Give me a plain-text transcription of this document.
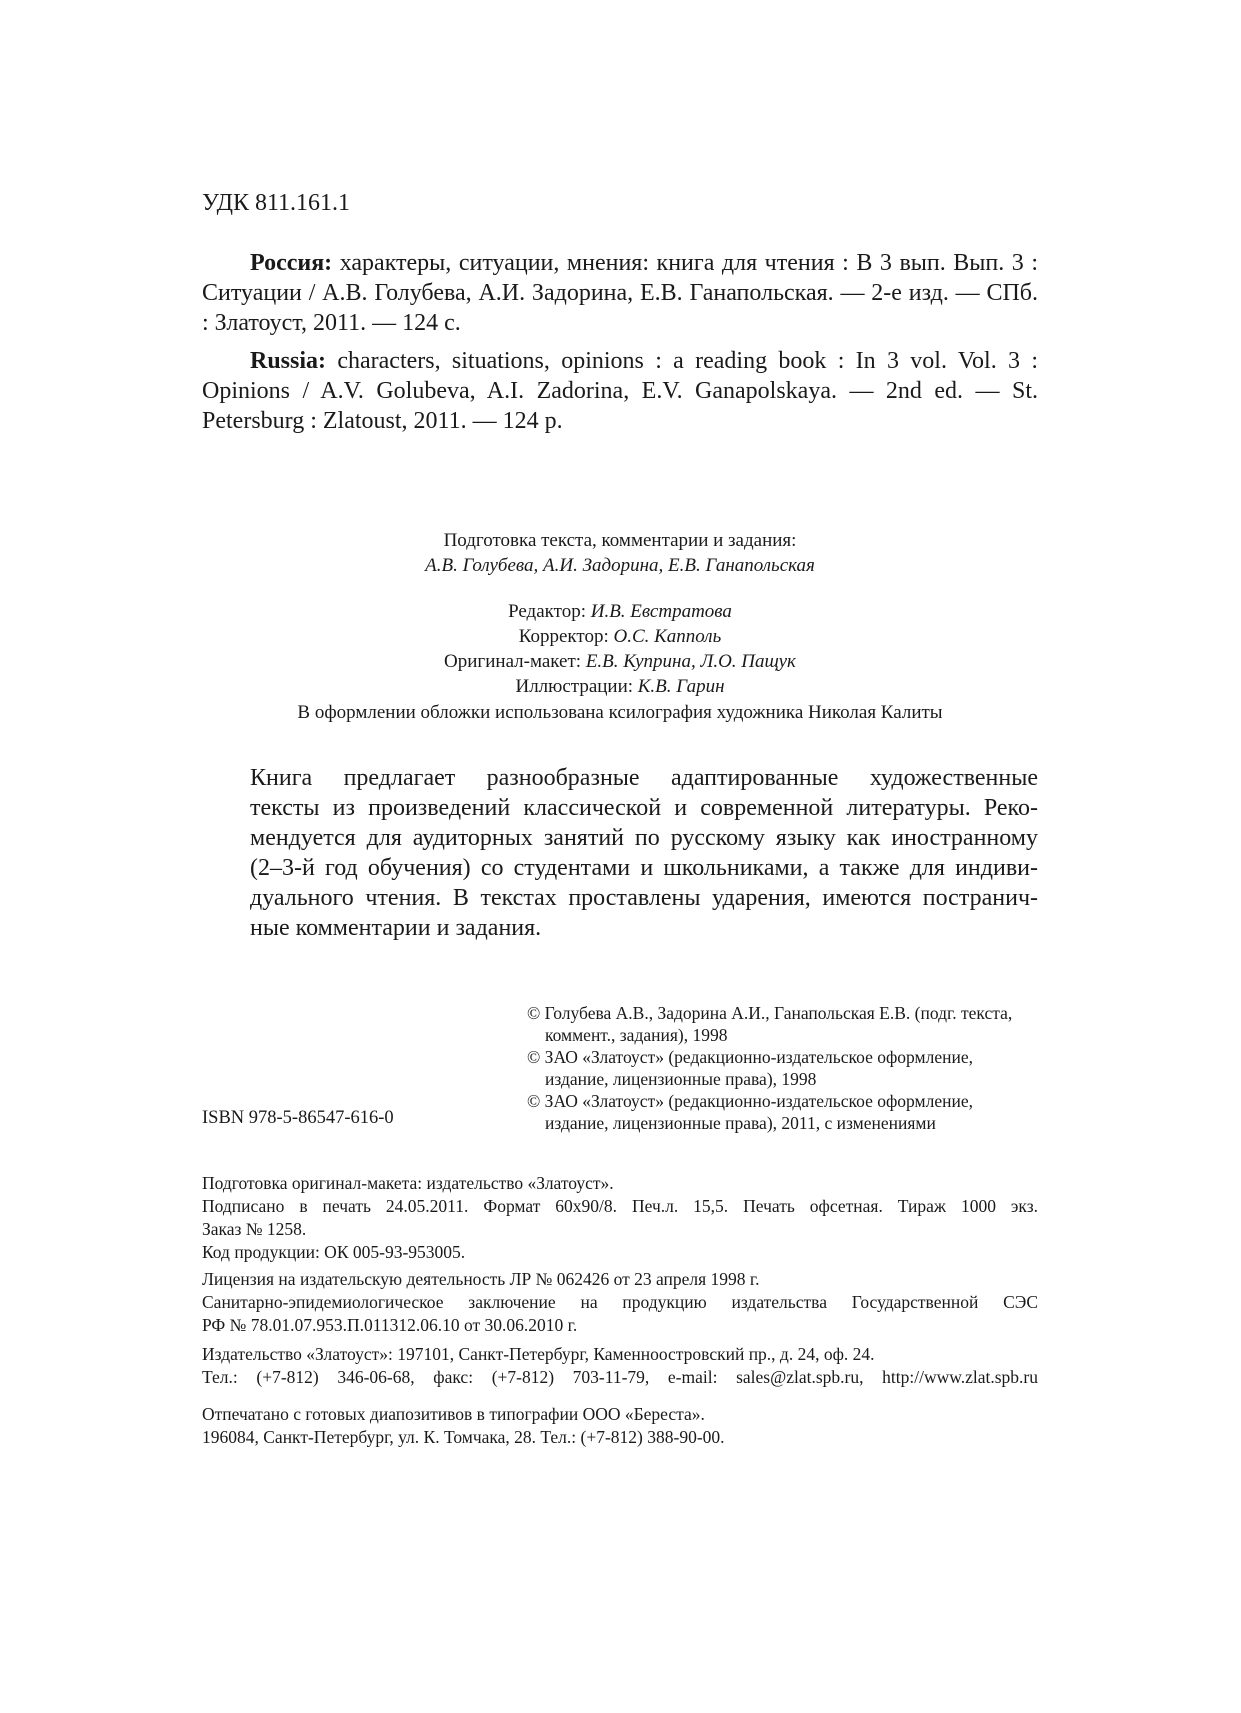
УДК 811.161.1
Россия: характеры, ситуации, мнения: книга для чтения : В 3 вып. Вып. 3 : Ситуации / А.В. Голубева, А.И. Задорина, Е.В. Ганапольская. — 2-е изд. — СПб. : Златоуст, 2011. — 124 с.
Russia: characters, situations, opinions : a reading book : In 3 vol. Vol. 3 : Opinions / A.V. Golubeva, A.I. Zadorina, E.V. Ganapolskaya. — 2nd ed. — St. Petersburg : Zlatoust, 2011. — 124 p.
Подготовка текста, комментарии и задания:
А.В. Голубева, А.И. Задорина, Е.В. Ганапольская
Редактор: И.В. Евстратова
Корректор: О.С. Капполь
Оригинал-макет: Е.В. Куприна, Л.О. Пащук
Иллюстрации: К.В. Гарин
В оформлении обложки использована ксилография художника Николая Калиты
Книга предлагает разнообразные адаптированные художественные
тексты из произведений классической и современной литературы. Реко-
мендуется для аудиторных занятий по русскому языку как иностранному
(2–3-й год обучения) со студентами и школьниками, а также для индиви-
дуального чтения. В текстах проставлены ударения, имеются постранич-
ные комментарии и задания.
© Голубева А.В., Задорина А.И., Ганапольская Е.В. (подг. текста, коммент., задания), 1998
© ЗАО «Златоуст» (редакционно-издательское оформление, издание, лицензионные права), 1998
© ЗАО «Златоуст» (редакционно-издательское оформление, издание, лицензионные права), 2011, с изменениями
ISBN 978-5-86547-616-0
Подготовка оригинал-макета: издательство «Златоуст».
Подписано в печать 24.05.2011. Формат 60x90/8. Печ.л. 15,5. Печать офсетная. Тираж 1000 экз.
Заказ № 1258.
Код продукции: ОК 005-93-953005.
Лицензия на издательскую деятельность ЛР № 062426 от 23 апреля 1998 г.
Санитарно-эпидемиологическое заключение на продукцию издательства Государственной СЭС
РФ № 78.01.07.953.П.011312.06.10 от 30.06.2010 г.
Издательство «Златоуст»: 197101, Санкт-Петербург, Каменноостровский пр., д. 24, оф. 24.
Тел.: (+7-812) 346-06-68, факс: (+7-812) 703-11-79, e-mail: sales@zlat.spb.ru, http://www.zlat.spb.ru
Отпечатано с готовых диапозитивов в типографии ООО «Береста».
196084, Санкт-Петербург, ул. К. Томчака, 28. Тел.: (+7-812) 388-90-00.
